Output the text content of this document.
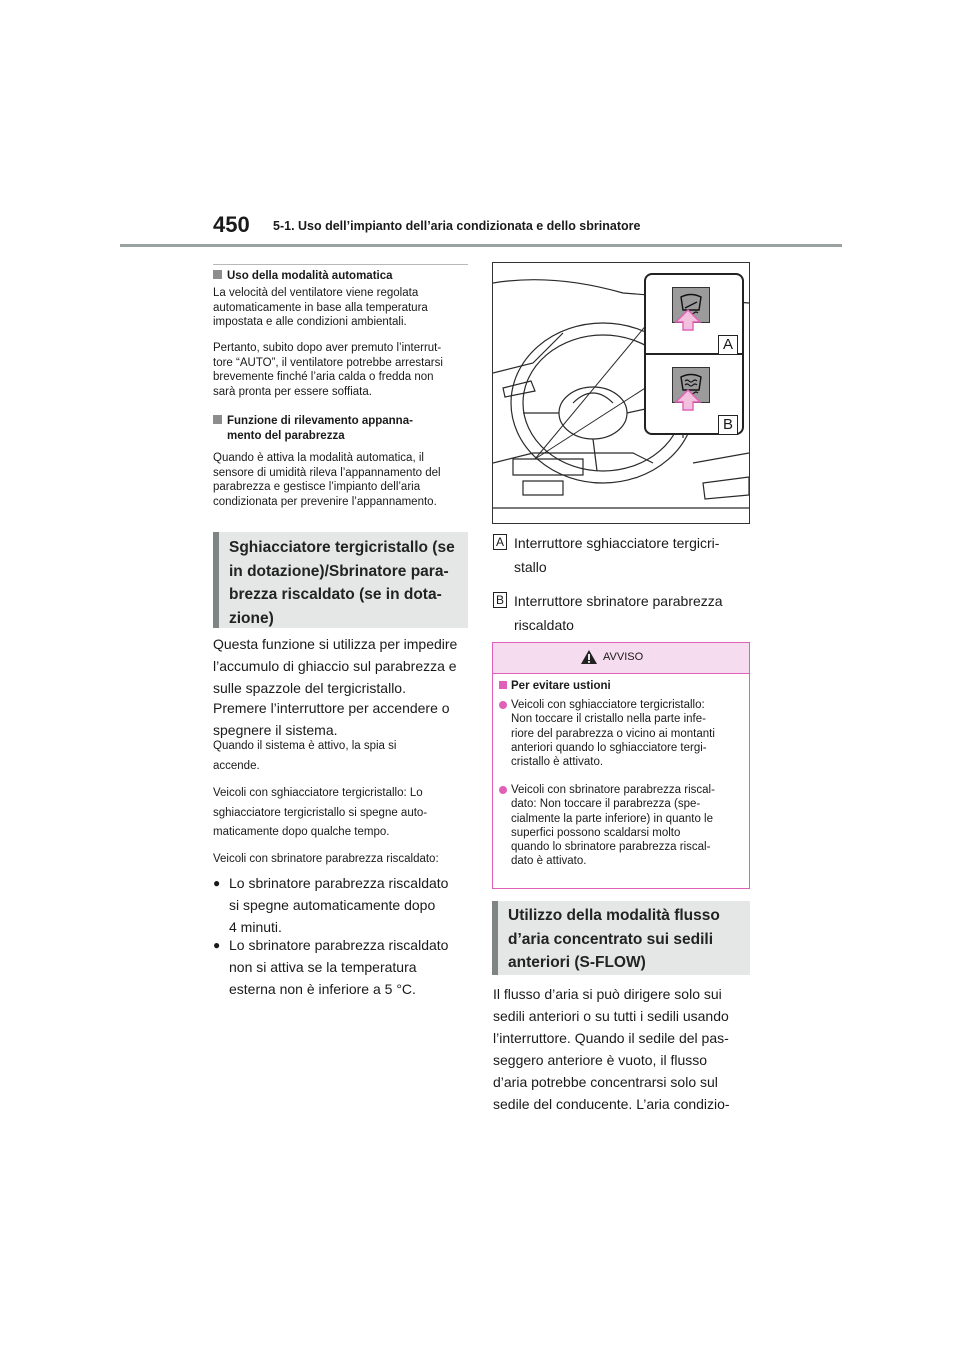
450 5-1. Uso dell’impianto dell’aria condizionata e dello sbrinatore
Uso della modalità automatica
La velocità del ventilatore viene regolata
automaticamente in base alla temperatura
impostata e alle condizioni ambientali.
Pertanto, subito dopo aver premuto l’interrut-
tore “AUTO”, il ventilatore potrebbe arrestarsi
brevemente finché l’aria calda o fredda non
sarà pronta per essere soffiata.
Funzione di rilevamento appanna-
mento del parabrezza
Quando è attiva la modalità automatica, il
sensore di umidità rileva l’appannamento del
parabrezza e gestisce l’impianto dell’aria
condizionata per prevenire l’appannamento.
Sghiacciatore tergicristallo (se
in dotazione)/Sbrinatore para-
brezza riscaldato (se in dota-
zione)
Questa funzione si utilizza per impedire
l’accumulo di ghiaccio sul parabrezza e
sulle spazzole del tergicristallo.
Premere l’interruttore per accendere o
spegnere il sistema.
Quando il sistema è attivo, la spia si
accende.
Veicoli con sghiacciatore tergicristallo: Lo
sghiacciatore tergicristallo si spegne auto-
maticamente dopo qualche tempo.
Veicoli con sbrinatore parabrezza riscaldato:
● Lo sbrinatore parabrezza riscaldato
si spegne automaticamente dopo
4 minuti.
● Lo sbrinatore parabrezza riscaldato
non si attiva se la temperatura
esterna non è inferiore a 5 °C.
A
B
A Interruttore sghiacciatore tergicri-
stallo
B Interruttore sbrinatore parabrezza
riscaldato
AVVISO
Per evitare ustioni
Veicoli con sghiacciatore tergicristallo:
Non toccare il cristallo nella parte infe-
riore del parabrezza o vicino ai montanti
anteriori quando lo sghiacciatore tergi-
cristallo è attivato.
Veicoli con sbrinatore parabrezza riscal-
dato: Non toccare il parabrezza (spe-
cialmente la parte inferiore) in quanto le
superfici possono scaldarsi molto
quando lo sbrinatore parabrezza riscal-
dato è attivato.
Utilizzo della modalità flusso
d’aria concentrato sui sedili
anteriori (S-FLOW)
Il flusso d’aria si può dirigere solo sui
sedili anteriori o su tutti i sedili usando
l’interruttore. Quando il sedile del pas-
seggero anteriore è vuoto, il flusso
d’aria potrebbe concentrarsi solo sul
sedile del conducente. L’aria condizio-
